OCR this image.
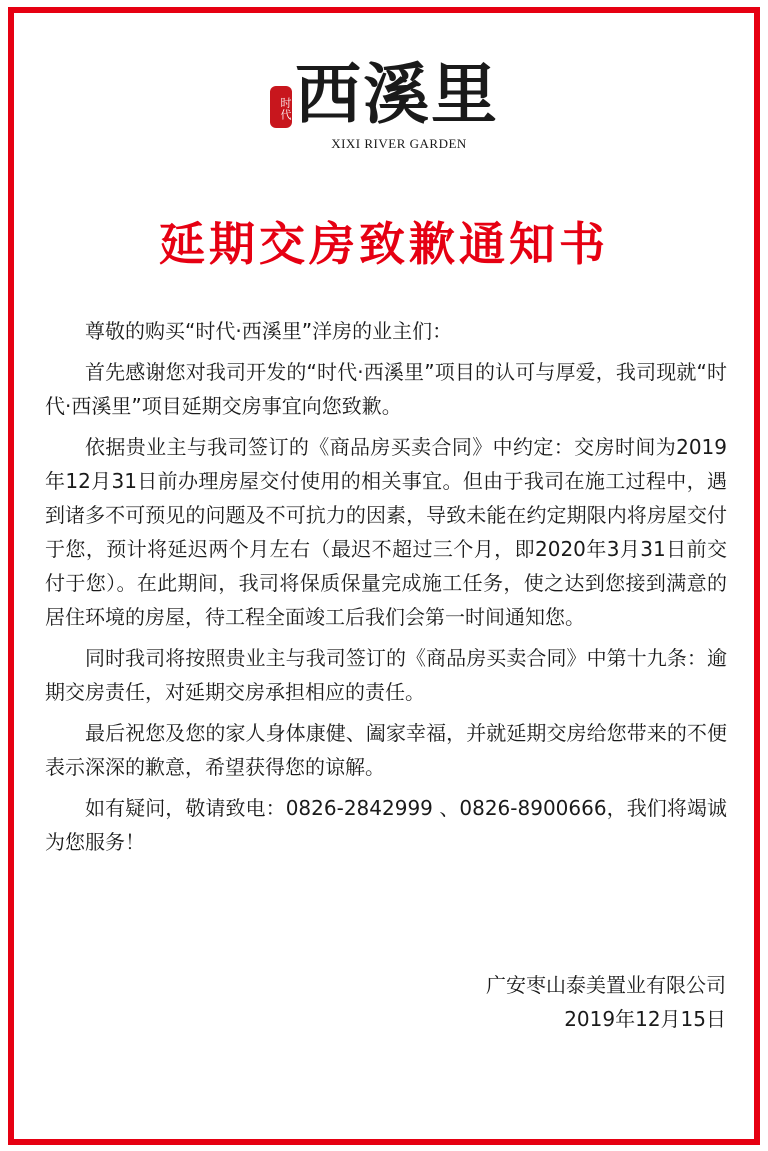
时代 西溪里
XIXI RIVER GARDEN
延期交房致歉通知书

尊敬的购买“时代·西溪里”洋房的业主们：

首先感谢您对我司开发的“时代·西溪里”项目的认可与厚爱，我司现就“时代·西溪里”项目延期交房事宜向您致歉。

依据贵业主与我司签订的《商品房买卖合同》中约定：交房时间为2019年12月31日前办理房屋交付使用的相关事宜。但由于我司在施工过程中，遇到诸多不可预见的问题及不可抗力的因素，导致未能在约定期限内将房屋交付于您，预计将延迟两个月左右（最迟不超过三个月，即2020年3月31日前交付于您）。在此期间，我司将保质保量完成施工任务，使之达到您接到满意的居住环境的房屋，待工程全面竣工后我们会第一时间通知您。

同时我司将按照贵业主与我司签订的《商品房买卖合同》中第十九条：逾期交房责任，对延期交房承担相应的责任。

最后祝您及您的家人身体康健、阖家幸福，并就延期交房给您带来的不便表示深深的歉意，希望获得您的谅解。

如有疑问，敬请致电：0826-2842999 、0826-8900666，我们将竭诚为您服务！

广安枣山泰美置业有限公司
2019年12月15日
